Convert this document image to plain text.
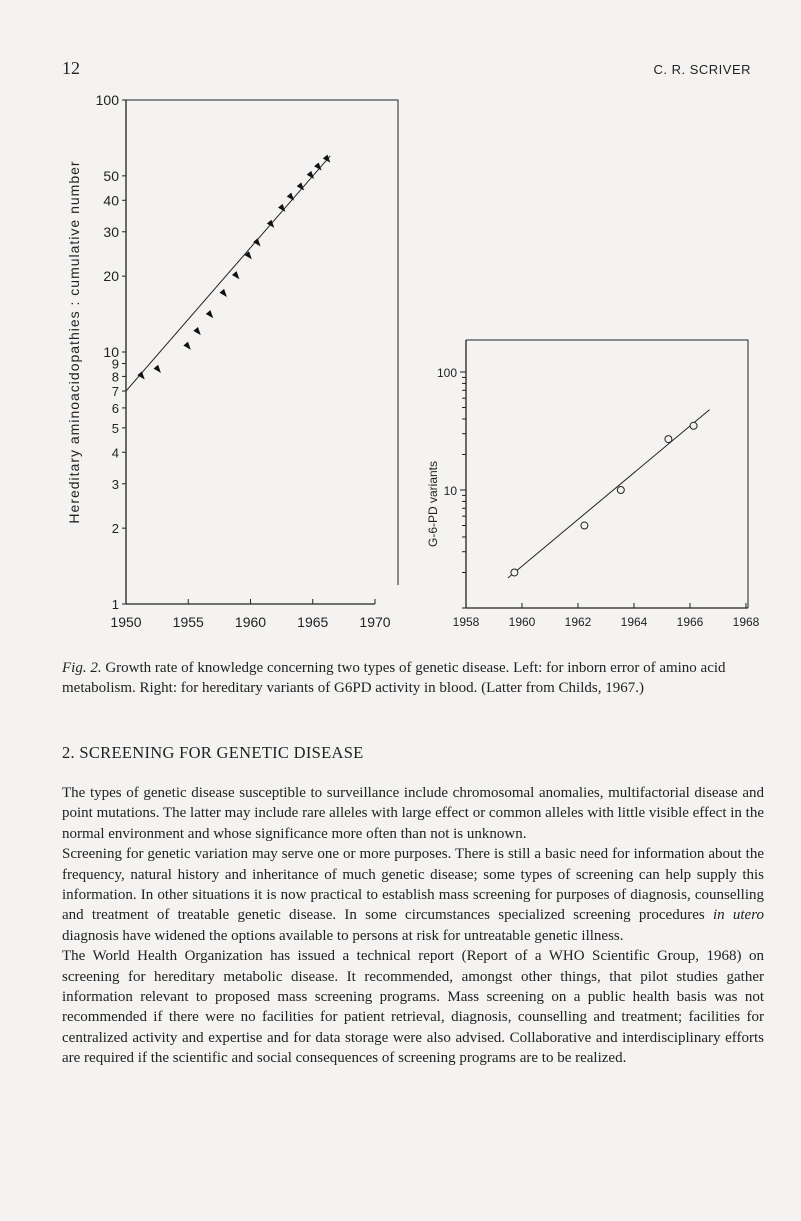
12	C. R. SCRIVER
1
2
3
4
5
6
7
8
9
10
20
30
40
50
100
1950 1955 1960 1965 1970
Hereditary aminoacidopathies : cumulative number	10
100
1958 1960 1962 1964 1966 1968
G-6-PD variants

Fig. 2. Growth rate of knowledge concerning two types of genetic disease. Left: for inborn error of amino acid metabolism. Right: for hereditary variants of G6PD activity in blood. (Latter from Childs, 1967.)

2. SCREENING FOR GENETIC DISEASE

The types of genetic disease susceptible to surveillance include chromosomal anomalies, multifactorial disease and point mutations. The latter may include rare alleles with large effect or common alleles with little visible effect in the normal environment and whose significance more often than not is unknown.

Screening for genetic variation may serve one or more purposes. There is still a basic need for information about the frequency, natural history and inheritance of much genetic disease; some types of screening can help supply this information. In other situations it is now practical to establish mass screening for purposes of diagnosis, counselling and treatment of treatable genetic disease. In some circumstances specialized screening procedures in utero diagnosis have widened the options available to persons at risk for untreatable genetic illness.

The World Health Organization has issued a technical report (Report of a WHO Scientific Group, 1968) on screening for hereditary metabolic disease. It recommended, amongst other things, that pilot studies gather information relevant to proposed mass screening programs. Mass screening on a public health basis was not recommended if there were no facilities for patient retrieval, diagnosis, counselling and treatment; facilities for centralized activity and expertise and for data storage were also advised. Collaborative and interdisciplinary efforts are required if the scientific and social consequences of screening programs are to be realized.
